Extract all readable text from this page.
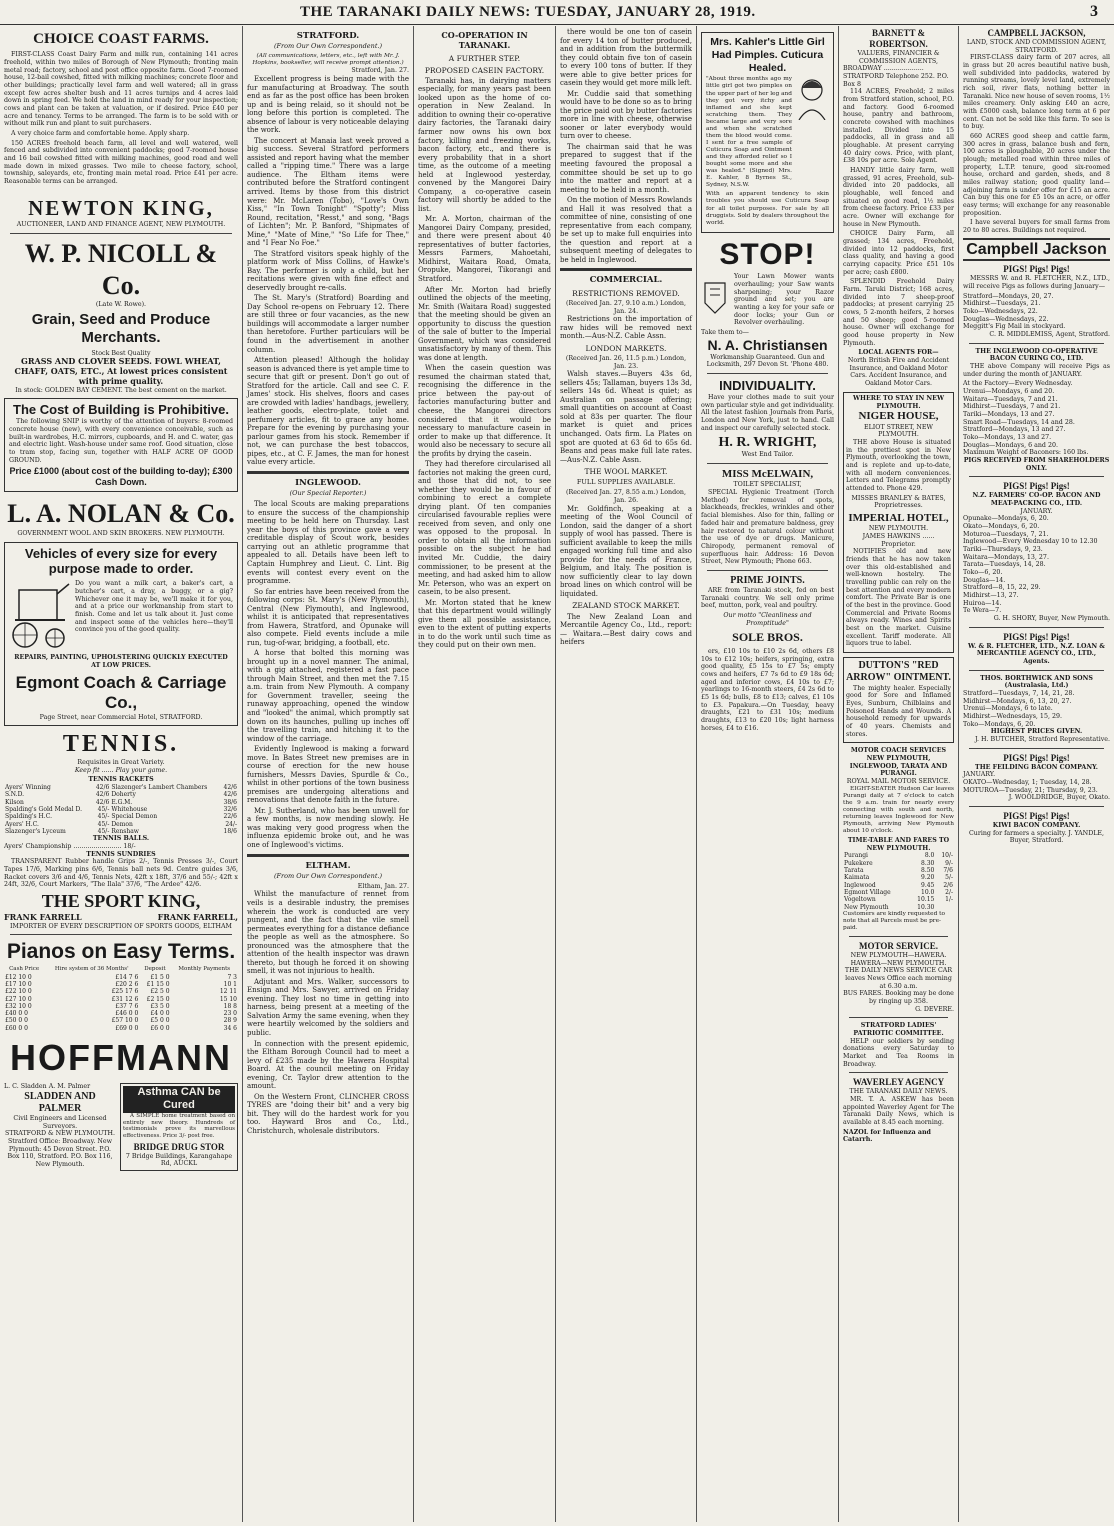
THE TARANAKI DAILY NEWS: TUESDAY, JANUARY 28, 1919.	3
CHOICE COAST FARMS.

FIRST-CLASS Coast Dairy Farm and milk run, containing 141 acres freehold, within two miles of Borough of New Plymouth; fronting main metal road; factory, school and post office opposite farm. Good 7-roomed house, 12-bail cowshed, fitted with milking machines; concrete floor and other buildings; practically level farm and well watered; all in grass except few acres shelter bush and 11 acres turnips and 4 acres laid down in spring feed. We hold the land in mind ready for your inspection; cows and plant can be taken at valuation, or if desired. Price £40 per acre and tenancy. Terms to be arranged. The farm is to be sold with or without milk run and plant to suit purchasers.

A very choice farm and comfortable home. Apply sharp.

150 ACRES freehold beach farm, all level and well watered, well fenced and subdivided into convenient paddocks; good 7-roomed house and 16 bail cowshed fitted with milking machines, good road and well made down in mixed grasses. Two mile to cheese factory, school, township, saleyards, etc, fronting main metal road. Price £41 per acre. Reasonable terms can be arranged.

NEWTON KING,
AUCTIONEER, LAND AND FINANCE AGENT, NEW PLYMOUTH.
W. P. NICOLL & Co.
(Late W. Rowe).
Grain, Seed and Produce Merchants.
Stock Best Quality
GRASS AND CLOVER SEEDS. FOWL WHEAT, CHAFF, OATS, ETC., At lowest prices consistent with prime quality.
In stock: GOLDEN BAY CEMENT. The best cement on the market.
The Cost of Building is Prohibitive.

The following SNIP is worthy of the attention of buyers: 8-roomed concrete house (new), with every convenience conceivable, such as built-in wardrobes, H.C. mirrors, cupboards, and H. and C. water, gas and electric light. Wash-house under same roof. Good situation, close to tram stop, facing sun, together with HALF ACRE OF GOOD GROUND.

Price £1000 (about cost of the building to-day); £300 Cash Down.
L. A. NOLAN & Co.
GOVERNMENT WOOL AND SKIN BROKERS. NEW PLYMOUTH.
Vehicles of every size for every purpose made to order.

Do you want a milk cart, a baker's cart, a butcher's cart, a dray, a buggy, or a gig? Whichever one it may be, we'll make it for you, and at a price our workmanship from start to finish. Come and let us talk about it. Just come and inspect some of the vehicles here—they'll convince you of the good quality.

REPAIRS, PAINTING, UPHOLSTERING QUICKLY EXECUTED AT LOW PRICES.
Egmont Coach & Carriage Co.,
Page Street, near Commercial Hotel, STRATFORD.
TENNIS.
Requisites in Great Variety.
Keep fit ...... Play your game.
TENNIS RACKETS
Ayers' Winning	42/6	Slazenger's Lambert Chambers	42/6
S.N.D.	42/6	Doherty	42/6
Kilson	42/6	E.G.M.	38/6
Spalding's Gold Medal D.	45/-	Whitehouse	32/6
Spalding's H.C.	45/-	Special Demon	22/6
Ayers' H.C.	45/-	Demon	24/-
Slazenger's Lyceum	45/-	Renshaw	18/6
TENNIS BALLS.
Ayers' Championship ........................ 18/-
TENNIS SUNDRIES

TRANSPARENT Rubber handle Grips 2/-, Tennis Presses 3/-, Court Tapes 17/6, Marking pins 6/6, Tennis ball nets 9d. Centre guides 3/6, Racket covers 3/6 and 4/6, Tennis Nets, 42ft x 18ft, 37/6 and 55/-; 42ft x 24ft, 32/6, Court Markers, "The Ilala" 37/6, "The Ardee" 42/6.

THE SPORT KING,
FRANK FARRELL	FRANK FARRELL,
IMPORTER OF EVERY DESCRIPTION OF SPORTS GOODS, ELTHAM
Pianos on Easy Terms.
Cash Price	Hire system of 36 Months'	Deposit	Monthly Payments
£12 10 0	£14 7 6	£1 5 0	7 3
£17 10 0	£20 2 6	£1 15 0	10 1
£22 10 0	£25 17 6	£2 5 0	12 11
£27 10 0	£31 12 6	£2 15 0	15 10
£32 10 0	£37 7 6	£3 5 0	18 8
£40 0 0	£46 0 0	£4 0 0	23 0
£50 0 0	£57 10 0	£5 0 0	28 9
£60 0 0	£69 0 0	£6 0 0	34 6
HOFFMANN
L. C. Sladden A. M. Palmer
SLADDEN AND PALMER
Civil Engineers and Licensed Surveyors.
STRATFORD & NEW PLYMOUTH. Stratford Office: Broadway. New Plymouth: 45 Devon Street. P.O. Box 110, Stratford. P.O. Box 116, New Plymouth.
Asthma CAN be Cured

A SIMPLE home treatment based on entirely new theory. Hundreds of testimonials prove its marvellous effectiveness. Price 3/- post free.

BRIDGE DRUG STOR
7 Bridge Buildings, Karangahape Rd, AUCKL
STRATFORD.
(From Our Own Correspondent.)
(All communications, letters, etc., left with Mr. J. Hopkins, bookseller, will receive prompt attention.)
Stratford, Jan. 27.

Excellent progress is being made with the fur manufacturing at Broadway. The south end as far as the post office has been broken up and is being relaid, so it should not be long before this portion is completed. The absence of labour is very noticeable delaying the work.

The concert at Manaia last week proved a big success. Several Stratford performers assisted and report having what the member called a "ripping time." There was a large audience. The Eltham items were contributed before the Stratford contingent arrived. Items by those from this district were: Mr. McLaren (Tobo), "Love's Own Kiss," "In Town Tonight" "Spotty"; Miss Round, recitation, "Resst," and song, "Bags of Lichten"; Mr. P. Banford, "Shipmates of Mine," "Mate of Mine," "So Life for Thee," and "I Fear No Foe."

The Stratford visitors speak highly of the platform work of Miss Collins, of Hawke's Bay. The performer is only a child, but her recitations were given with fine effect and deservedly brought re-calls.

The St. Mary's (Stratford) Boarding and Day School re-opens on February 12. There are still three or four vacancies, as the new buildings will accommodate a larger number than heretofore. Further particulars will be found in the advertisement in another column.

Attention pleased! Although the holiday season is advanced there is yet ample time to secure that gift or present. Don't go out of Stratford for the article. Call and see C. F. James' stock. His shelves, floors and cases are crowded with ladies' handbags, jewellery, leather goods, electro-plate, toilet and perfumery articles, fit to grace any home. Prepare for the evening by purchasing your parlour games from his stock. Remember if not, we can purchase the best tobaccos, pipes, etc., at C. F. James, the man for honest value every article.

INGLEWOOD.
(Our Special Reporter.)

The local Scouts are making preparations to ensure the success of the championship meeting to be held here on Thursday. Last year the boys of this province gave a very creditable display of Scout work, besides carrying out an athletic programme that appealed to all. Details have been left to Captain Humphrey and Lieut. C. Lint. Big events will contest every event on the programme.

So far entries have been received from the following corps: St. Mary's (New Plymouth), Central (New Plymouth), and Inglewood, whilst it is anticipated that representatives from Hawera, Stratford, and Opunake will also compete. Field events include a mile run, tug-of-war, bridging, a football, etc.

A horse that bolted this morning was brought up in a novel manner. The animal, with a gig attached, registered a fast pace through Main Street, and then met the 7.15 a.m. train from New Plymouth. A company for Government traveller, seeing the runaway approaching, opened the window and "looked" the animal, which promptly sat down on its haunches, pulling up inches off the travelling train, and hitching it to the window of the carriage.

Evidently Inglewood is making a forward move. In Bates Street new premises are in course of erection for the new house furnishers, Messrs Davies, Spurdle & Co., whilst in other portions of the town business premises are undergoing alterations and renovations that denote faith in the future.

Mr. J. Sutherland, who has been unwell for a few months, is now mending slowly. He was making very good progress when the influenza epidemic broke out, and he was one of Inglewood's victims.

ELTHAM.
(From Our Own Correspondent.)
Eltham, Jan. 27.

Whilst the manufacture of rennet from veils is a desirable industry, the premises wherein the work is conducted are very pungent, and the fact that the vile smell permeates everything for a distance defiance the people as well as the atmosphere. So pronounced was the atmosphere that the attention of the health inspector was drawn thereto, but though he forced it on showing smell, it was not injurious to health.

Adjutant and Mrs. Walker, successors to Ensign and Mrs. Sawyer, arrived on Friday evening. They lost no time in getting into harness, being present at a meeting of the Salvation Army the same evening, when they were heartily welcomed by the soldiers and public.

In connection with the present epidemic, the Eltham Borough Council had to meet a levy of £235 made by the Hawera Hospital Board. At the council meeting on Friday evening, Cr. Taylor drew attention to the amount.

On the Western Front, CLINCHER CROSS TYRES are "doing their bit" and a very big bit. They will do the hardest work for you too. Hayward Bros and Co., Ltd., Christchurch, wholesale distributors.

CO-OPERATION IN TARANAKI.
A FURTHER STEP.
PROPOSED CASEIN FACTORY.

Taranaki has, in dairying matters especially, for many years past been looked upon as the home of co-operation in New Zealand. In addition to owning their co-operative dairy factories, the Taranaki dairy farmer now owns his own box factory, killing and freezing works, bacon factory, etc., and there is every probability that in a short time, as the outcome of a meeting held at Inglewood yesterday, convened by the Mangorei Dairy Company, a co-operative casein factory will shortly be added to the list.

Mr. A. Morton, chairman of the Mangorei Dairy Company, presided, and there were present about 40 representatives of butter factories, Messrs Farmers, Mahoetahi, Midhirst, Waitara Road, Omata, Oropuke, Mangorei, Tikorangi and Stratford.

After Mr. Morton had briefly outlined the objects of the meeting, Mr. Smith (Waitara Road) suggested that the meeting should be given an opportunity to discuss the question of the sale of butter to the Imperial Government, which was considered unsatisfactory by many of them. This was done at length.

When the casein question was resumed the chairman stated that, recognising the difference in the price between the pay-out of factories manufacturing butter and cheese, the Mangorei directors considered that it would be necessary to manufacture casein in order to make up that difference. It would also be necessary to secure all the profits by drying the casein.

They had therefore circularised all factories not making the green curd, and those that did not, to see whether they would be in favour of combining to erect a complete drying plant. Of ten companies circularised favourable replies were received from seven, and only one was opposed to the proposal. In order to obtain all the information possible on the subject he had invited Mr. Cuddie, the dairy commissioner, to be present at the meeting, and had asked him to allow Mr. Peterson, who was an expert on casein, to be also present.

Mr. Morton stated that he knew that this department would willingly give them all possible assistance, even to the extent of putting experts in to do the work until such time as they could put on their own men.

there would be one ton of casein for every 14 ton of butter produced, and in addition from the buttermilk they could obtain five ton of casein to every 100 tons of butter. If they were able to give better prices for casein they would get more milk left.

Mr. Cuddie said that something would have to be done so as to bring the price paid out by butter factories more in line with cheese, otherwise sooner or later everybody would turn over to cheese.

The chairman said that he was prepared to suggest that if the meeting favoured the proposal a committee should be set up to go into the matter and report at a meeting to be held in a month.

On the motion of Messrs Rowlands and Hall it was resolved that a committee of nine, consisting of one representative from each company, be set up to make full enquiries into the question and report at a subsequent meeting of delegates to be held in Inglewood.

COMMERCIAL.
RESTRICTIONS REMOVED.
(Received Jan. 27, 9.10 a.m.) London, Jan. 24.

Restrictions on the importation of raw hides will be removed next month.—Aus-N.Z. Cable Assn.

LONDON MARKETS.
(Received Jan. 26, 11.5 p.m.) London, Jan. 23.

Walsh staves.—Buyers 43s 6d, sellers 45s; Tallaman, buyers 13s 3d, sellers 14s 6d. Wheat is quiet; as Australian on passage offering; small quantities on account at Coast sold at 83s per quarter. The flour market is quiet and prices unchanged. Oats firm. La Plates on spot are quoted at 63 6d to 65s 6d. Beans and peas make full late rates.—Aus-N.Z. Cable Assn.

THE WOOL MARKET.
FULL SUPPLIES AVAILABLE.
(Received Jan. 27, 8.55 a.m.) London, Jan. 26.

Mr. Goldfinch, speaking at a meeting of the Wool Council of London, said the danger of a short supply of wool has passed. There is sufficient available to keep the mills engaged working full time and also provide for the needs of France, Belgium, and Italy. The position is now sufficiently clear to lay down broad lines on which control will be liquidated.

ZEALAND STOCK MARKET.

The New Zealand Loan and Mercantile Agency Co., Ltd., report:— Waitara.—Best dairy cows and heifers

Mrs. Kahler's Little Girl Had Pimples. Cuticura Healed.

"About three months ago my little girl got two pimples on the upper part of her leg and they got very itchy and inflamed and she kept scratching them. They became large and very sore and when she scratched them the blood would come. I sent for a free sample of Cuticura Soap and Ointment and they afforded relief so I bought some more and she was healed." (Signed) Mrs. E. Kahler, 8 Byrnes St., Sydney, N.S.W.

With an apparent tendency to skin troubles you should use Cuticura Soap for all toilet purposes. For sale by all druggists. Sold by dealers throughout the world.

STOP!

Your Lawn Mower wants overhauling; your Saw wants sharpening; your Razor ground and set; you are wanting a key for your safe or door locks; your Gun or Revolver overhauling.

Take them to—
N. A. Christiansen
Workmanship Guaranteed. Gun and Locksmith, 297 Devon St. 'Phone 480.
INDIVIDUALITY.

Have your clothes made to suit your own particular style and get individuality. All the latest fashion Journals from Paris, London and New York, just to hand. Call and inspect our carefully selected stock.

H. R. WRIGHT,
West End Tailor.
MISS McELWAIN,
TOILET SPECIALIST,

SPECIAL Hygienic Treatment (Torch Method) for removal of spots, blackheads, freckles, wrinkles and other facial blemishes. Also for thin, falling or faded hair and premature baldness, grey hair restored to natural colour without the use of dye or drugs. Manicure, Chiropody, permanent removal of superfluous hair. Address: 16 Devon Street, New Plymouth; Phone 663.

PRIME JOINTS.

ARE from Taranaki stock, fed on best Taranaki country. We sell only prime beef, mutton, pork, veal and poultry.

Our motto "Cleanliness and Promptitude"
SOLE BROS.

ers, £10 10s to £10 2s 6d, others £8 10s to £12 10s; heifers, springing, extra good quality, £5 15s to £7 5s; empty cows and heifers, £7 7s 6d to £9 18s 6d; aged and inferior cows, £4 10s to £7; yearlings to 16-month steers, £4 2s 6d to £5 1s 6d; bulls, £8 to £13; calves, £1 10s to £3. Papakura.—On Tuesday, heavy draughts, £21 to £31 10s; medium draughts, £13 to £20 10s; light harness horses, £4 to £16.

BARNETT & ROBERTSON.
VALUERS, FINANCIER & COMMISSION AGENTS,
BROADWAY .................... STRATFORD Telephone 252. P.O. Box 8

114 ACRES, Freehold; 2 miles from Stratford station, school, P.O. and factory. Good 6-roomed house, pantry and bathroom, concrete cowshed with machines installed. Divided into 15 paddocks, all in grass and all ploughable. At present carrying 40 dairy cows. Price, with plant, £38 10s per acre. Sole Agent.

HANDY little dairy farm, well grassed, 91 acres, Freehold, sub-divided into 20 paddocks, all ploughable, well fenced and situated on good road, 1½ miles from cheese factory. Price £33 per acre. Owner will exchange for house in New Plymouth.

CHOICE Dairy Farm, all grassed; 134 acres, Freehold, divided into 12 paddocks, first class quality, and having a good carrying capacity. Price £51 10s per acre; cash £800.

SPLENDID Freehold Dairy Farm. Taruki District; 168 acres, divided into 7 sheep-proof paddocks; at present carrying 25 cows, 5 2-month heifers, 2 horses and 50 sheep; good 5-roomed house. Owner will exchange for good house property in New Plymouth.

LOCAL AGENTS FOR—
North British Fire and Accident Insurance, and Oakland Motor Cars. Accident Insurance, and Oakland Motor Cars.
WHERE TO STAY IN NEW PLYMOUTH.
NIGER HOUSE,
ELIOT STREET, NEW PLYMOUTH.

THE above House is situated in the prettiest spot in New Plymouth, overlooking the town, and is replete and up-to-date, with all modern conveniences. Letters and Telegrams promptly attended to. Phone 429.

MISSES BRANLEY & BATES, Proprietresses.
IMPERIAL HOTEL,
NEW PLYMOUTH.
JAMES HAWKINS ...... Proprietor.

NOTIFIES old and new friends that he has now taken over this old-established and well-known hostelry. The travelling public can rely on the best attention and every modern comfort. The Private Bar is one of the best in the province. Good Commercial and Private Rooms always ready. Wines and Spirits best on the market. Cuisine excellent. Tariff moderate. All liquors true to label.

DUTTON'S "RED ARROW" OINTMENT.

The mighty healer. Especially good for Sore and Inflamed Eyes, Sunburn, Chilblains and Poisoned Hands and Wounds. A household remedy for upwards of 40 years. Chemists and stores.

MOTOR COACH SERVICES
NEW PLYMOUTH, INGLEWOOD, TARATA AND PURANGI.
ROYAL MAIL MOTOR SERVICE.

EIGHT-SEATER Hudson Car leaves Purangi daily at 7 o'clock to catch the 9 a.m. train for nearly every connecting with south and north, returning leaves Inglewood for New Plymouth, arriving New Plymouth about 10 o'clock.

TIME-TABLE AND FARES TO NEW PLYMOUTH.
Purangi	8.0	10/-
Pukekere	8.30	9/-
Tarata	8.50	7/6
Kaimata	9.20	5/-
Inglewood	9.45	2/6
Egmont Village	10.0	2/-
Vogeltown	10.15	1/-
New Plymouth	10.30	
Customers are kindly requested to note that all Parcels must be pre-paid.
MOTOR SERVICE.
NEW PLYMOUTH—HAWERA. HAWERA—NEW PLYMOUTH.
THE DAILY NEWS SERVICE CAR leaves News Office each morning at 6.30 a.m.
BUS FARES. Booking may be done by ringing up 358.
G. DEVERE.
STRATFORD LADIES' PATRIOTIC COMMITTEE.

HELP our soldiers by sending donations every Saturday to Market and Tea Rooms in Broadway.

WAVERLEY AGENCY
THE TARANAKI DAILY NEWS.

MR. T. A. ASKEW has been appointed Waverley Agent for The Taranaki Daily News, which is available at 8.45 each morning.

NAZOL for Influenza and Catarrh.
CAMPBELL JACKSON,
LAND, STOCK AND COMMISSION AGENT, STRATFORD.

FIRST-CLASS dairy farm of 207 acres, all in grass but 20 acres beautiful native bush, well subdivided into paddocks, watered by running streams, lovely level land, extremely rich soil, river flats, nothing better in Taranaki. Nice new house of seven rooms, 1½ miles creamery. Only asking £40 an acre, with £5000 cash, balance long term at 6 per cent. Can not be sold like this farm. To see is to buy.

660 ACRES good sheep and cattle farm, 300 acres in grass, balance bush and fern, 100 acres is ploughable, 20 acres under the plough; metalled road within three miles of property, L.T.P. tenure, good six-roomed house, orchard and garden, sheds, and 8 miles railway station; good quality land—adjoining farm is under offer for £15 an acre. Can buy this one for £5 10s an acre, or offer easy terms; will exchange for any reasonable proposition.

I have several buyers for small farms from 20 to 80 acres. Buildings not required.

Campbell Jackson
PIGS! Pigs! Pigs!

MESSRS W. and R. FLETCHER, N.Z., LTD., will receive Pigs as follows during January—

Stratford—Mondays, 20, 27.
Midhirst—Tuesdays, 21.
Toko—Wednesdays, 22.
Douglas—Wednesdays, 22.
Meggitt's Fig Mail in stockyard.
C. R. MIDDLEMISS, Agent, Stratford.
THE INGLEWOOD CO-OPERATIVE BACON CURING CO., LTD.

THE above Company will receive Pigs as under during the month of JANUARY.

At the Factory—Every Wednesday.
Urenui—Mondays, 6 and 20.
Waitara—Tuesdays, 7 and 21.
Midhirst—Tuesdays, 7 and 21.
Tariki—Mondays, 13 and 27.
Smart Road—Tuesdays, 14 and 28.
Stratford—Mondays, 13 and 27.
Toko—Mondays, 13 and 27.
Douglas—Mondays, 6 and 20.
Maximum Weight of Baconers: 160 lbs.
PIGS RECEIVED FROM SHAREHOLDERS ONLY.
PIGS! Pigs! Pigs!
N.Z. FARMERS' CO-OP. BACON AND MEAT-PACKING CO., LTD.
JANUARY.
Opunake—Mondays, 6, 20.
Okato—Mondays, 6, 20.
Moturoa—Tuesdays, 7, 21.
Inglewood—Every Wednesday 10 to 12.30
Tariki—Thursdays, 9, 23.
Waitara—Mondays, 13, 27.
Tarata—Tuesdays, 14, 28.
Toko—6, 20.
Douglas—14.
Stratford—8, 15, 22, 29.
Midhirst—13, 27.
Huiroa—14.
Te Wera—7.
G. H. SHORY, Buyer, New Plymouth.
PIGS! Pigs! Pigs!
W. & R. FLETCHER, LTD., N.Z. LOAN & MERCANTILE AGENCY CO., LTD., Agents.
THOS. BORTHWICK AND SONS (Australasia, Ltd.)
Stratford—Tuesdays, 7, 14, 21, 28.
Midhirst—Mondays, 6, 13, 20, 27.
Urenui—Mondays, 6 to late.
Midhirst—Wednesdays, 15, 29.
Toko—Mondays, 6, 20.
HIGHEST PRICES GIVEN.
J. H. BUTCHER, Stratford Representative.
PIGS! Pigs! Pigs!
THE FEILDING BACON COMPANY.
JANUARY.
OKATO—Wednesday, 1; Tuesday, 14, 28.
MOTUROA—Tuesday, 21; Thursday, 9, 23.
J. WOOLDRIDGE, Buyer, Okato.
PIGS! Pigs! Pigs!
KIWI BACON COMPANY.
Curing for farmers a specialty. J. YANDLE, Buyer, Stratford.
